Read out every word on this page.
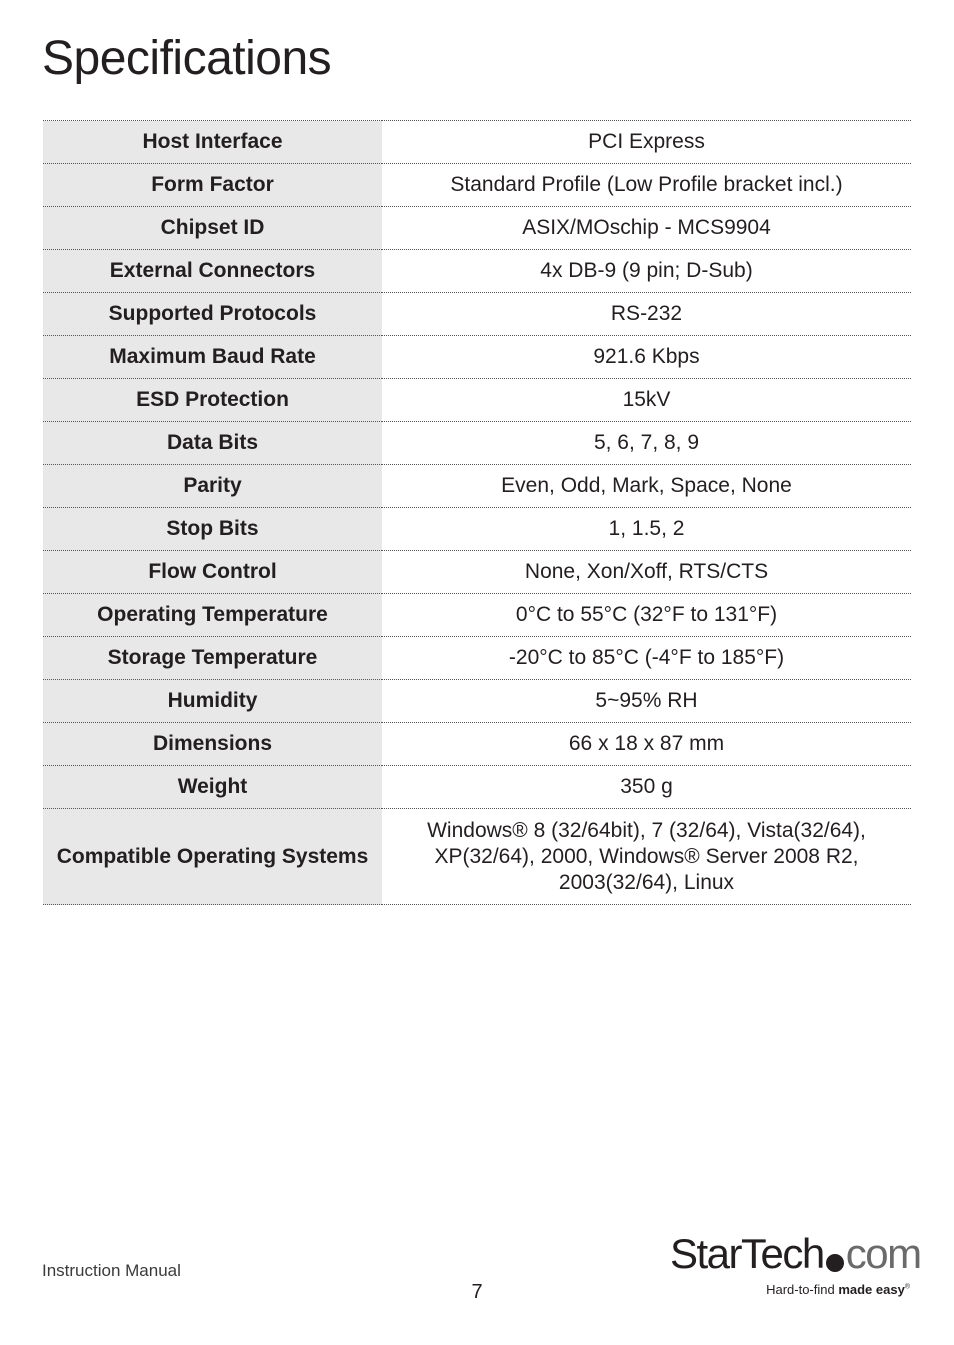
Specifications
Host Interface	PCI Express
Form Factor	Standard Profile (Low Profile bracket incl.)
Chipset ID	ASIX/MOschip - MCS9904
External Connectors	4x DB-9 (9 pin; D-Sub)
Supported Protocols	RS-232
Maximum Baud Rate	921.6 Kbps
ESD Protection	15kV
Data Bits	5, 6, 7, 8, 9
Parity	Even, Odd, Mark, Space, None
Stop Bits	1, 1.5, 2
Flow Control	None, Xon/Xoff, RTS/CTS
Operating Temperature	0°C to 55°C (32°F to 131°F)
Storage Temperature	-20°C to 85°C (-4°F to 185°F)
Humidity	5~95% RH
Dimensions	66 x 18 x 87 mm
Weight	350 g
Compatible Operating Systems	Windows® 8 (32/64bit), 7 (32/64), Vista(32/64),
XP(32/64), 2000, Windows® Server 2008 R2,
2003(32/64), Linux
Instruction Manual
7
StarTech com
Hard-to-find made easy®
